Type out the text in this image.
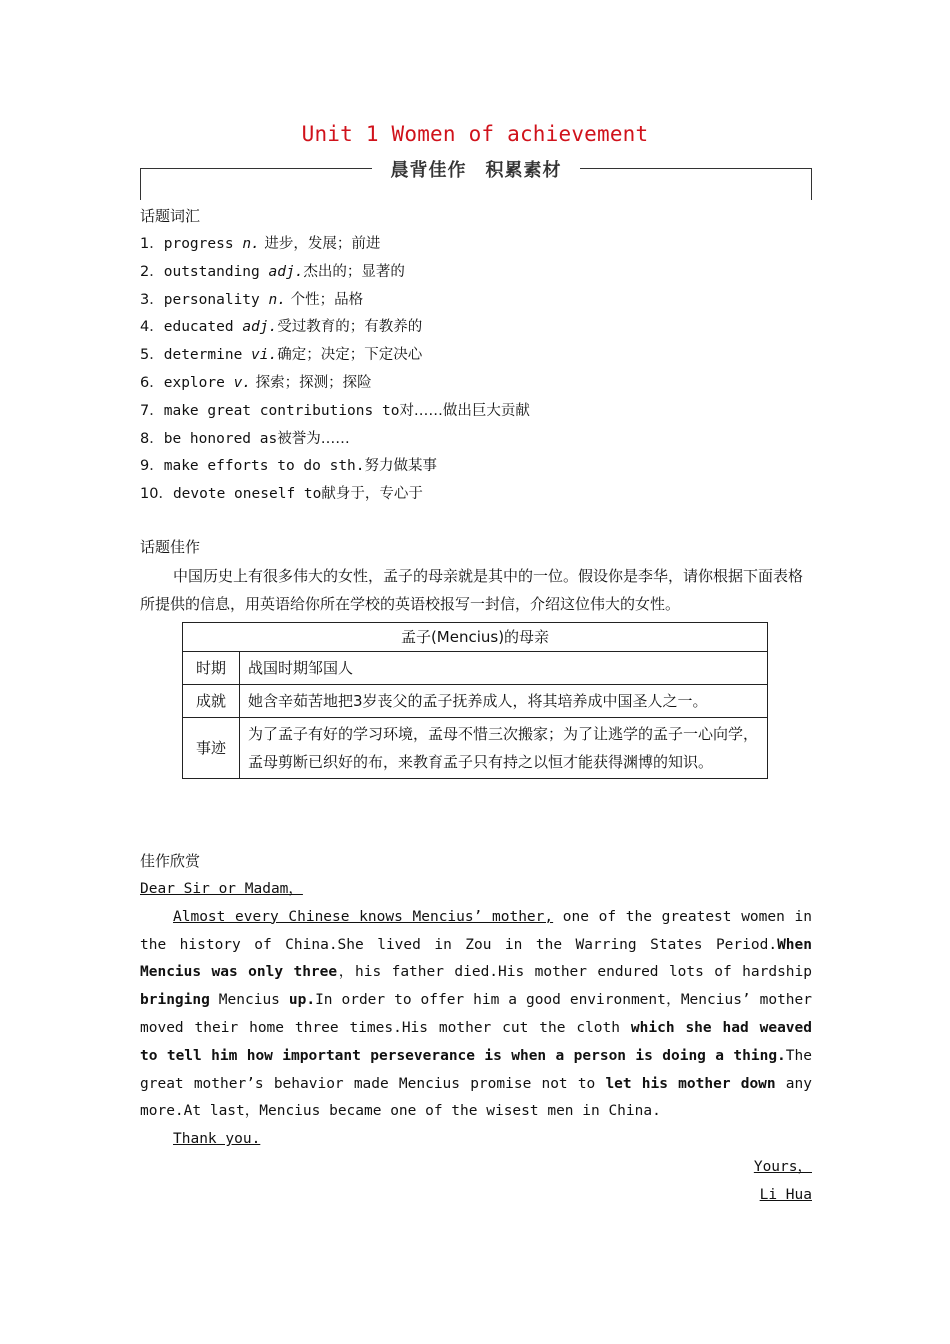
Unit 1 Women of achievement
晨背佳作　积累素材
话题词汇
1．progress n. 进步，发展；前进
2．outstanding adj.杰出的；显著的
3．personality n. 个性；品格
4．educated adj.受过教育的；有教养的
5．determine vi.确定；决定；下定决心
6．explore v. 探索；探测；探险
7．make great contributions to对……做出巨大贡献
8．be honored as被誉为……
9．make efforts to do sth.努力做某事
10．devote oneself to献身于，专心于
话题佳作

中国历史上有很多伟大的女性，孟子的母亲就是其中的一位。假设你是李华，请你根据下面表格所提供的信息，用英语给你所在学校的英语校报写一封信，介绍这位伟大的女性。

孟子(Mencius)的母亲	
时期	战国时期邹国人
成就	她含辛茹苦地把3岁丧父的孟子抚养成人，将其培养成中国圣人之一。
事迹	为了孟子有好的学习环境，孟母不惜三次搬家；为了让逃学的孟子一心向学，孟母剪断已织好的布，来教育孟子只有持之以恒才能获得渊博的知识。
佳作欣赏

Dear Sir or Madam，

Almost every Chinese knows Mencius’ mother, one of the greatest women in the history of China.She lived in Zou in the Warring States Period.When Mencius was only three，his father died.His mother endured lots of hardship bringing Mencius up.In order to offer him a good environment，Mencius’ mother moved their home three times.His mother cut the cloth which she had weaved to tell him how important perseverance is when a person is doing a thing.The great mother’s behavior made Mencius promise not to let his mother down any more.At last，Mencius became one of the wisest men in China.

Thank you.

Yours，

Li Hua
